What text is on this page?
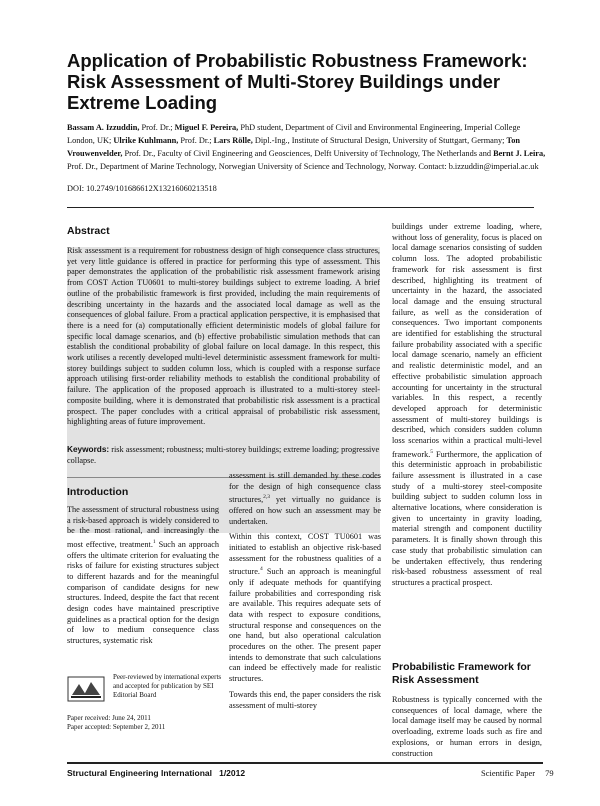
Application of Probabilistic Robustness Framework: Risk Assessment of Multi-Storey Buildings under Extreme Loading
Bassam A. Izzuddin, Prof. Dr.; Miguel F. Pereira, PhD student, Department of Civil and Environmental Engineering, Imperial College London, UK; Ulrike Kuhlmann, Prof. Dr.; Lars Rölle, Dipl.-Ing., Institute of Structural Design, University of Stuttgart, Germany; Ton Vrouwenvelder, Prof. Dr., Faculty of Civil Engineering and Geosciences, Delft University of Technology, The Netherlands and Bernt J. Leira, Prof. Dr., Department of Marine Technology, Norwegian University of Science and Technology, Norway. Contact: b.izzuddin@imperial.ac.uk
DOI: 10.2749/101686612X13216060213518
Abstract

Risk assessment is a requirement for robustness design of high consequence class structures, yet very little guidance is offered in practice for performing this type of assessment. This paper demonstrates the application of the probabilistic risk assessment framework arising from COST Action TU0601 to multi-storey buildings subject to extreme loading. A brief outline of the probabilistic framework is first provided, including the main requirements of describing uncertainty in the hazards and the associated local damage as well as the consequences of global failure. From a practical application perspective, it is emphasised that there is a need for (a) computationally efficient deterministic models of global failure for specific local damage scenarios, and (b) effective probabilistic simulation methods that can establish the conditional probability of global failure on local damage. In this respect, this work utilises a recently developed multi-level deterministic assessment framework for multi-storey buildings subject to sudden column loss, which is coupled with a response surface approach utilising first-order reliability methods to establish the conditional probability of failure. The application of the proposed approach is illustrated to a multi-storey steel-composite building, where it is demonstrated that probabilistic risk assessment is a practical prospect. The paper concludes with a critical appraisal of probabilistic risk assessment, highlighting areas of future improvement.

Keywords: risk assessment; robustness; multi-storey buildings; extreme loading; progressive collapse.

Introduction

The assessment of structural robustness using a risk-based approach is widely considered to be the most rational, and increasingly the most effective, treatment.$^1$ Such an approach offers the ultimate criterion for evaluating the risks of failure for existing structures subject to different hazards and for the meaningful comparison of candidate designs for new structures. Indeed, despite the fact that recent design codes have maintained prescriptive guidelines as a practical option for the design of low to medium consequence class structures, systematic risk

Peer-reviewed by international experts and accepted for publication by SEI Editorial Board

Paper received: June 24, 2011
Paper accepted: September 2, 2011

assessment is still demanded by these codes for the design of high consequence class structures,$^{2,3}$ yet virtually no guidance is offered on how such an assessment may be undertaken.

Within this context, COST TU0601 was initiated to establish an objective risk-based assessment for the robustness qualities of a structure.$^4$ Such an approach is meaningful only if adequate methods for quantifying failure probabilities and corresponding risk are available. This requires adequate sets of data with respect to exposure conditions, structural response and consequences on the one hand, but also operational calculation procedures on the other. The present paper intends to demonstrate that such calculations can indeed be effectively made for realistic structures.

Towards this end, the paper considers the risk assessment of multi-storey

buildings under extreme loading, where, without loss of generality, focus is placed on local damage scenarios consisting of sudden column loss. The adopted probabilistic framework for risk assessment is first described, highlighting its treatment of uncertainty in the hazard, the associated local damage and the ensuing structural failure, as well as the consideration of consequences. Two important components are identified for establishing the structural failure probability associated with a specific local damage scenario, namely an efficient and realistic deterministic model, and an effective probabilistic simulation approach accounting for uncertainty in the structural variables. In this respect, a recently developed approach for deterministic assessment of multi-storey buildings is described, which considers sudden column loss scenarios within a practical multi-level framework.$^5$ Furthermore, the application of this deterministic approach in probabilistic failure assessment is illustrated in a case study of a multi-storey steel-composite building subject to sudden column loss in alternative locations, where consideration is given to uncertainty in gravity loading, material strength and component ductility parameters. It is finally shown through this case study that probabilistic simulation can be undertaken effectively, thus rendering risk-based robustness assessment of real structures a practical prospect.

Probabilistic Framework for Risk Assessment

Robustness is typically concerned with the consequences of local damage, where the local damage itself may be caused by normal overloading, extreme loads such as fire and explosions, or human errors in design, construction

Structural Engineering International 1/2012	Scientific Paper 79
